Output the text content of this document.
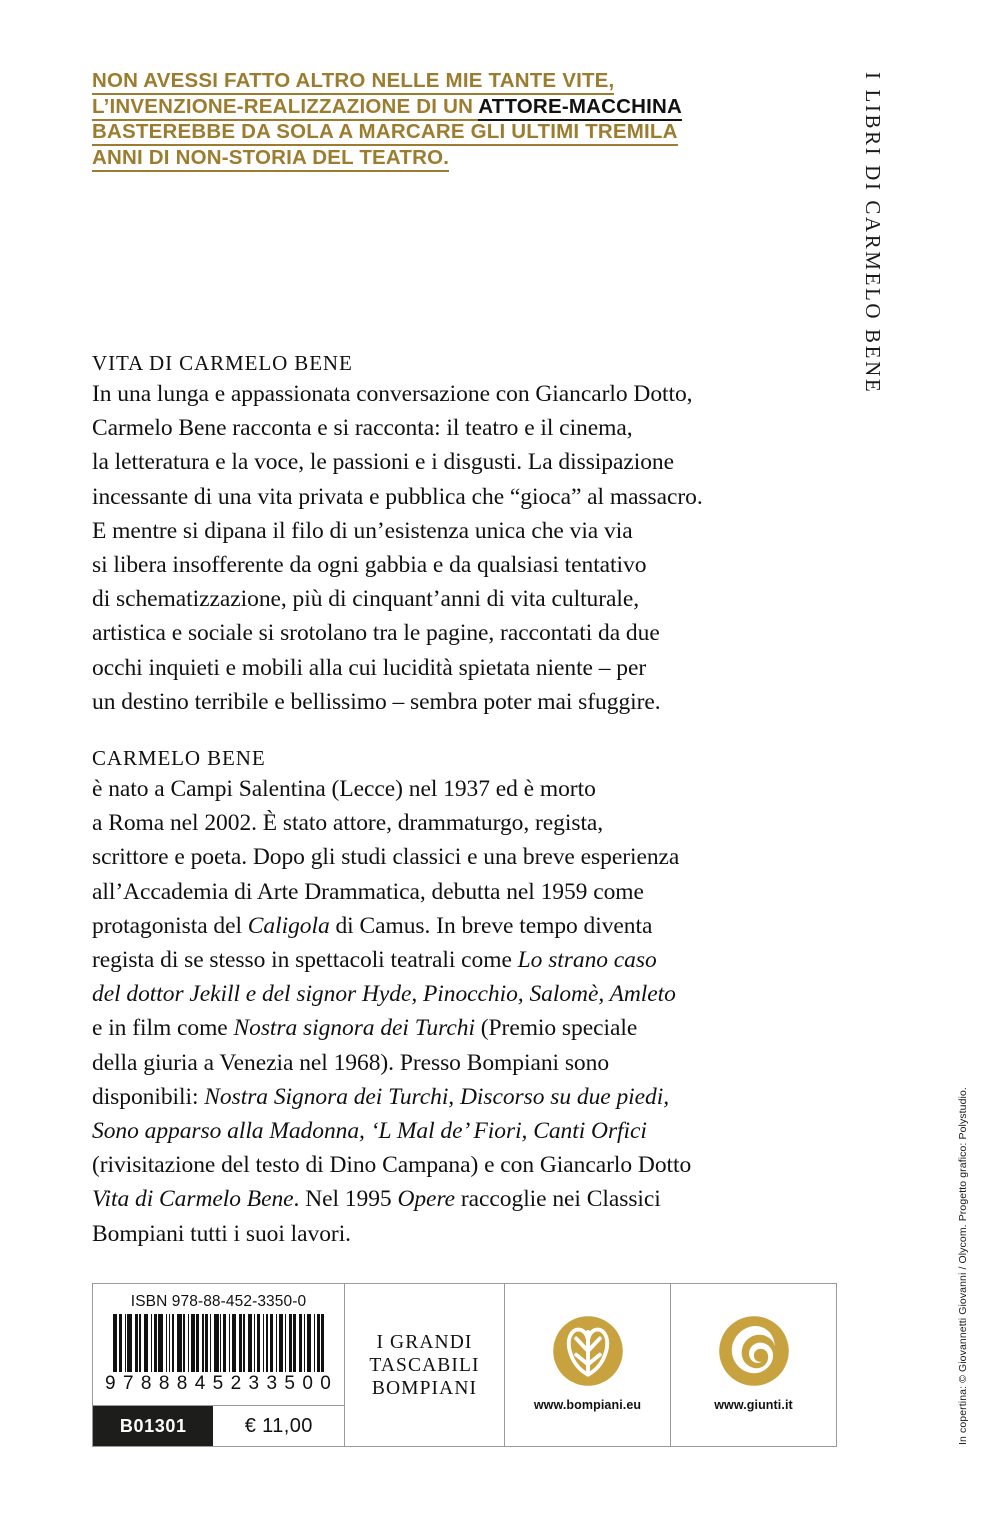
NON AVESSI FATTO ALTRO NELLE MIE TANTE VITE,
L’INVENZIONE-REALIZZAZIONE DI UN ATTORE-MACCHINA
BASTEREBBE DA SOLA A MARCARE GLI ULTIMI TREMILA
ANNI DI NON-STORIA DEL TEATRO.	I LIBRI DI CARMELO BENE
In copertina: © Giovannetti Giovanni / Olycom. Progetto grafico: Polystudio.
VITA DI CARMELO BENE
In una lunga e appassionata conversazione con Giancarlo Dotto,
Carmelo Bene racconta e si racconta: il teatro e il cinema,
la letteratura e la voce, le passioni e i disgusti. La dissipazione
incessante di una vita privata e pubblica che “gioca” al massacro.
E mentre si dipana il filo di un’esistenza unica che via via
si libera insofferente da ogni gabbia e da qualsiasi tentativo
di schematizzazione, più di cinquant’anni di vita culturale,
artistica e sociale si srotolano tra le pagine, raccontati da due
occhi inquieti e mobili alla cui lucidità spietata niente – per
un destino terribile e bellissimo – sembra poter mai sfuggire.
CARMELO BENE
è nato a Campi Salentina (Lecce) nel 1937 ed è morto
a Roma nel 2002. È stato attore, drammaturgo, regista,
scrittore e poeta. Dopo gli studi classici e una breve esperienza
all’Accademia di Arte Drammatica, debutta nel 1959 come
protagonista del Caligola di Camus. In breve tempo diventa
regista di se stesso in spettacoli teatrali come Lo strano caso
del dottor Jekill e del signor Hyde, Pinocchio, Salomè, Amleto
e in film come Nostra signora dei Turchi (Premio speciale
della giuria a Venezia nel 1968). Presso Bompiani sono
disponibili: Nostra Signora dei Turchi, Discorso su due piedi,
Sono apparso alla Madonna, ‘L Mal de’ Fiori, Canti Orfici
(rivisitazione del testo di Dino Campana) e con Giancarlo Dotto
Vita di Carmelo Bene. Nel 1995 Opere raccoglie nei Classici
Bompiani tutti i suoi lavori.
ISBN 978-88-452-3350-0
9 7 8 8 8 4 5 2 3 3 5 0 0
B01301	€ 11,00
I GRANDI
TASCABILI
BOMPIANI
www.bompiani.eu	www.giunti.it
